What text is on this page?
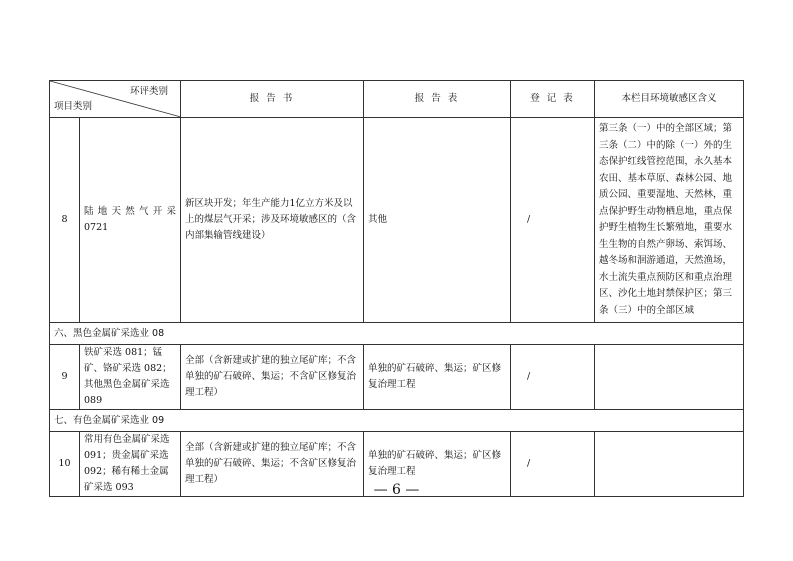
环评类别
项目类别		报 告 书	报 告 表	登 记 表	本栏目环境敏感区含义
8	陆地天然气开采 0721	新区块开发；年生产能力1亿立方米及以上的煤层气开采；涉及环境敏感区的（含内部集输管线建设）	其他	/	第三条（一）中的全部区域；第三条（二）中的除（一）外的生态保护红线管控范围，永久基本农田、基本草原、森林公园、地质公园、重要湿地、天然林，重点保护野生动物栖息地，重点保护野生植物生长繁殖地，重要水生生物的自然产卵场、索饵场、越冬场和洄游通道，天然渔场，水土流失重点预防区和重点治理区、沙化土地封禁保护区；第三条（三）中的全部区域
六、黑色金属矿采选业 08					
9	铁矿采选 081；锰矿、铬矿采选 082；其他黑色金属矿采选 089	全部（含新建或扩建的独立尾矿库；不含单独的矿石破碎、集运；不含矿区修复治理工程）	单独的矿石破碎、集运；矿区修复治理工程	/	
七、有色金属矿采选业 09					
10	常用有色金属矿采选 091；贵金属矿采选 092；稀有稀土金属矿采选 093	全部（含新建或扩建的独立尾矿库；不含单独的矿石破碎、集运；不含矿区修复治理工程）	单独的矿石破碎、集运；矿区修复治理工程	/	
— 6 —
